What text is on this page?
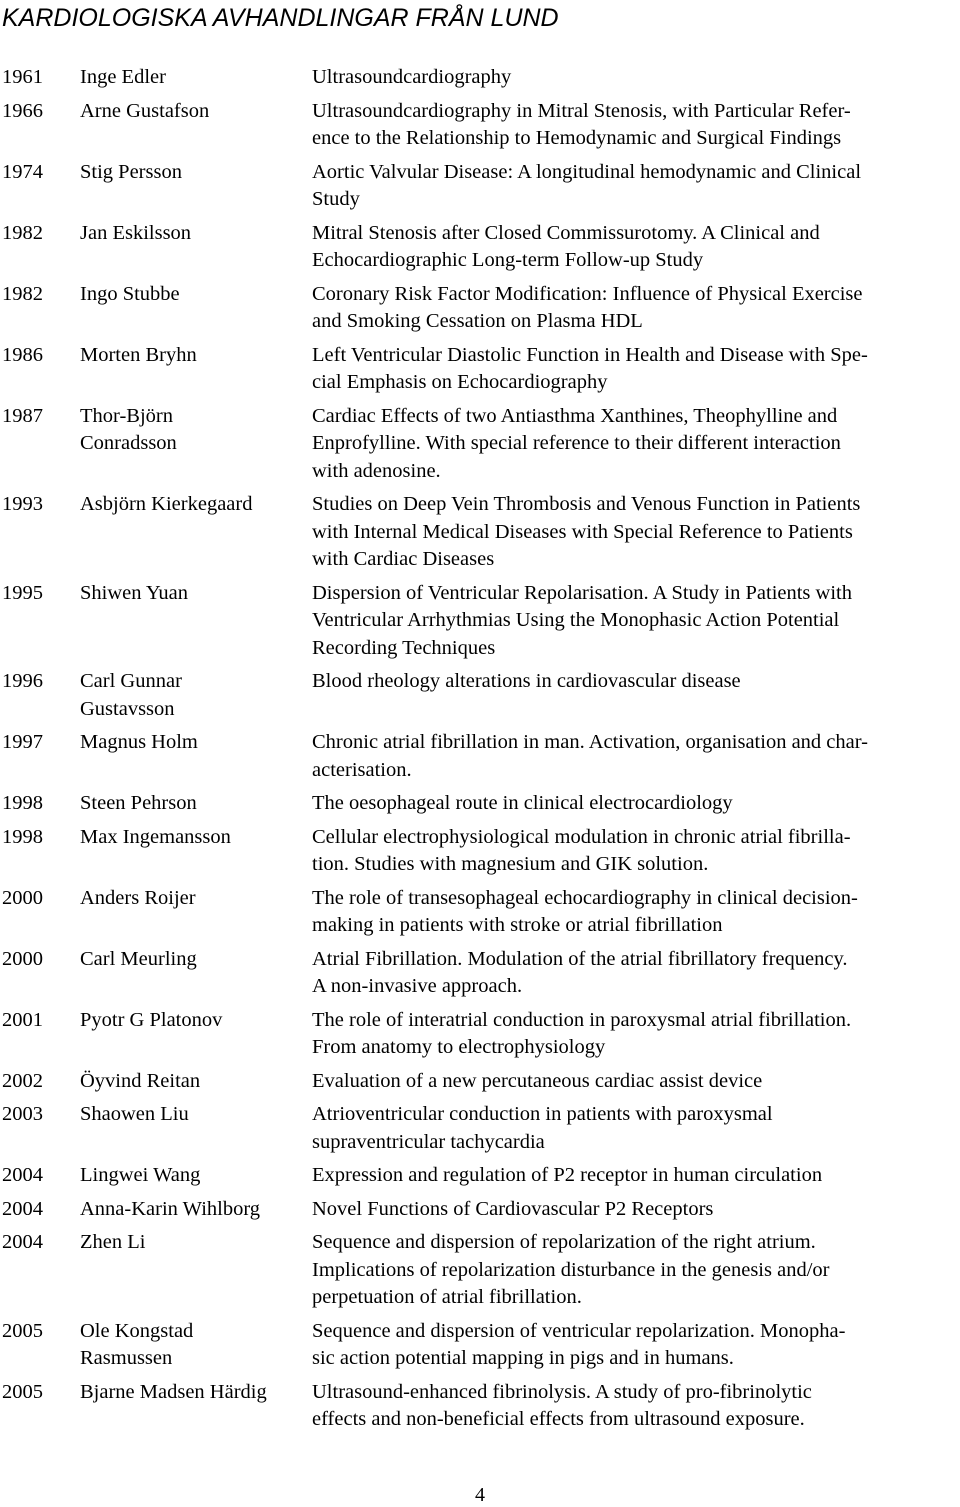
KARDIOLOGISKA AVHANDLINGAR FRÅN LUND
1961	Inge Edler	Ultrasoundcardiography
1966	Arne Gustafson	Ultrasoundcardiography in Mitral Stenosis, with Particular Refer-
ence to the Relationship to Hemodynamic and Surgical Findings
1974	Stig Persson	Aortic Valvular Disease: A longitudinal hemodynamic and Clinical
Study
1982	Jan Eskilsson	Mitral Stenosis after Closed Commissurotomy. A Clinical and
Echocardiographic Long-term Follow-up Study
1982	Ingo Stubbe	Coronary Risk Factor Modification: Influence of Physical Exercise
and Smoking Cessation on Plasma HDL
1986	Morten Bryhn	Left Ventricular Diastolic Function in Health and Disease with Spe-
cial Emphasis on Echocardiography
1987	Thor-Björn Conradsson
Cardiac Effects of two Antiasthma Xanthines, Theophylline and
Enprofylline. With special reference to their different interaction
with adenosine.
1993	Asbjörn Kierkegaard	Studies on Deep Vein Thrombosis and Venous Function in Patients
with Internal Medical Diseases with Special Reference to Patients
with Cardiac Diseases
1995	Shiwen Yuan	Dispersion of Ventricular Repolarisation. A Study in Patients with
Ventricular Arrhythmias Using the Monophasic Action Potential
Recording Techniques
1996	Carl Gunnar Gustavsson
Blood rheology alterations in cardiovascular disease
1997	Magnus Holm	Chronic atrial fibrillation in man. Activation, organisation and char-
acterisation.
1998	Steen Pehrson	The oesophageal route in clinical electrocardiology
1998	Max Ingemansson	Cellular electrophysiological modulation in chronic atrial fibrilla-
tion. Studies with magnesium and GIK solution.
2000	Anders Roijer	The role of transesophageal echocardiography in clinical decision-
making in patients with stroke or atrial fibrillation
2000	Carl Meurling	Atrial Fibrillation. Modulation of the atrial fibrillatory frequency.
A non-invasive approach.
2001	Pyotr G Platonov	The role of interatrial conduction in paroxysmal atrial fibrillation.
From anatomy to electrophysiology
2002	Öyvind Reitan	Evaluation of a new percutaneous cardiac assist device
2003	Shaowen Liu	Atrioventricular conduction in patients with paroxysmal
supraventricular tachycardia
2004	Lingwei Wang	Expression and regulation of P2 receptor in human circulation
2004	Anna-Karin Wihlborg	Novel Functions of Cardiovascular P2 Receptors
2004	Zhen Li	Sequence and dispersion of repolarization of the right atrium.
Implications of repolarization disturbance in the genesis and/or
perpetuation of atrial fibrillation.
2005	Ole Kongstad Rasmussen
Sequence and dispersion of ventricular repolarization. Monopha-
sic action potential mapping in pigs and in humans.
2005	Bjarne Madsen Härdig	Ultrasound-enhanced fibrinolysis. A study of pro-fibrinolytic
effects and non-beneficial effects from ultrasound exposure.
4
